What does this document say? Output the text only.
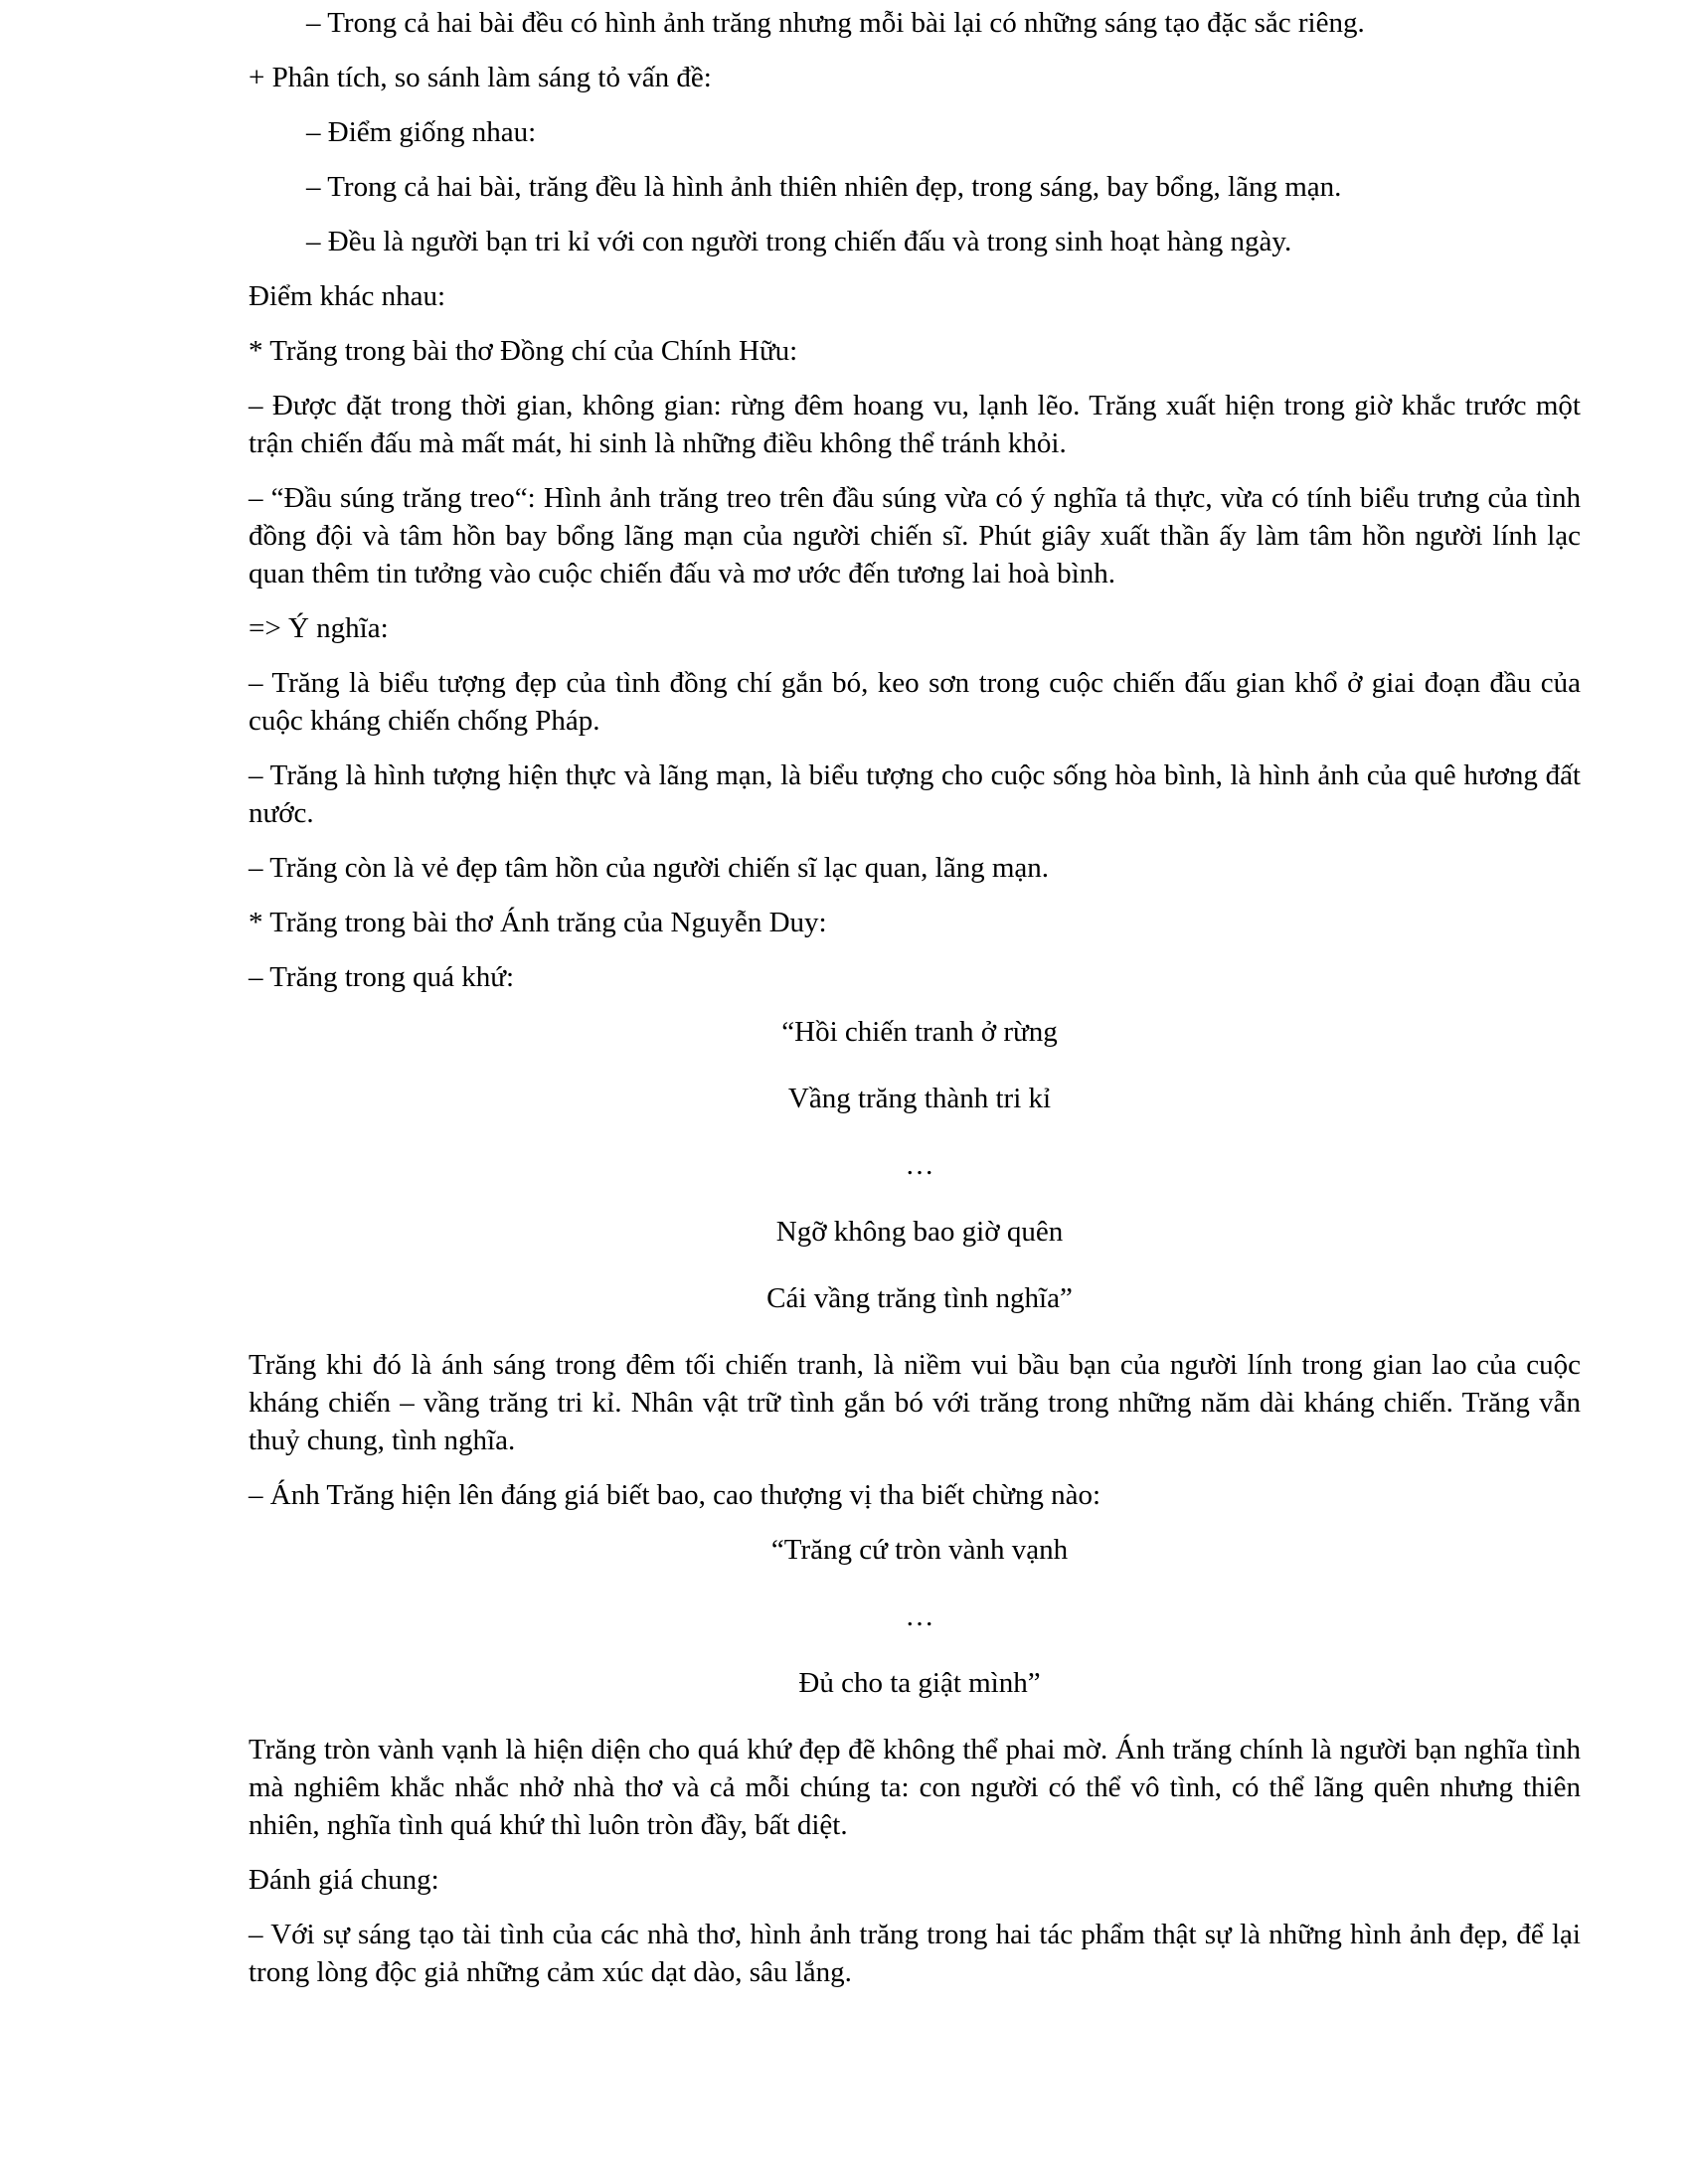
– Trong cả hai bài đều có hình ảnh trăng nhưng mỗi bài lại có những sáng tạo đặc sắc riêng.

+ Phân tích, so sánh làm sáng tỏ vấn đề:

– Điểm giống nhau:

– Trong cả hai bài, trăng đều là hình ảnh thiên nhiên đẹp, trong sáng, bay bổng, lãng mạn.

– Đều là người bạn tri kỉ với con người trong chiến đấu và trong sinh hoạt hàng ngày.

Điểm khác nhau:

* Trăng trong bài thơ Đồng chí của Chính Hữu:

– Được đặt trong thời gian, không gian: rừng đêm hoang vu, lạnh lẽo. Trăng xuất hiện trong giờ khắc trước một trận chiến đấu mà mất mát, hi sinh là những điều không thể tránh khỏi.

– “Đầu súng trăng treo“: Hình ảnh trăng treo trên đầu súng vừa có ý nghĩa tả thực, vừa có tính biểu trưng của tình đồng đội và tâm hồn bay bổng lãng mạn của người chiến sĩ. Phút giây xuất thần ấy làm tâm hồn người lính lạc quan thêm tin tưởng vào cuộc chiến đấu và mơ ước đến tương lai hoà bình.

=> Ý nghĩa:

– Trăng là biểu tượng đẹp của tình đồng chí gắn bó, keo sơn trong cuộc chiến đấu gian khổ ở giai đoạn đầu của cuộc kháng chiến chống Pháp.

– Trăng là hình tượng hiện thực và lãng mạn, là biểu tượng cho cuộc sống hòa bình, là hình ảnh của quê hương đất nước.

– Trăng còn là vẻ đẹp tâm hồn của người chiến sĩ lạc quan, lãng mạn.

* Trăng trong bài thơ Ánh trăng của Nguyễn Duy:

– Trăng trong quá khứ:

“Hồi chiến tranh ở rừng

Vầng trăng thành tri kỉ

…

Ngỡ không bao giờ quên

Cái vầng trăng tình nghĩa”

Trăng khi đó là ánh sáng trong đêm tối chiến tranh, là niềm vui bầu bạn của người lính trong gian lao của cuộc kháng chiến – vầng trăng tri kỉ. Nhân vật trữ tình gắn bó với trăng trong những năm dài kháng chiến. Trăng vẫn thuỷ chung, tình nghĩa.

– Ánh Trăng hiện lên đáng giá biết bao, cao thượng vị tha biết chừng nào:

“Trăng cứ tròn vành vạnh

…

Đủ cho ta giật mình”

Trăng tròn vành vạnh là hiện diện cho quá khứ đẹp đẽ không thể phai mờ. Ánh trăng chính là người bạn nghĩa tình mà nghiêm khắc nhắc nhở nhà thơ và cả mỗi chúng ta: con người có thể vô tình, có thể lãng quên nhưng thiên nhiên, nghĩa tình quá khứ thì luôn tròn đầy, bất diệt.

Đánh giá chung:

– Với sự sáng tạo tài tình của các nhà thơ, hình ảnh trăng trong hai tác phẩm thật sự là những hình ảnh đẹp, để lại trong lòng độc giả những cảm xúc dạt dào, sâu lắng.
